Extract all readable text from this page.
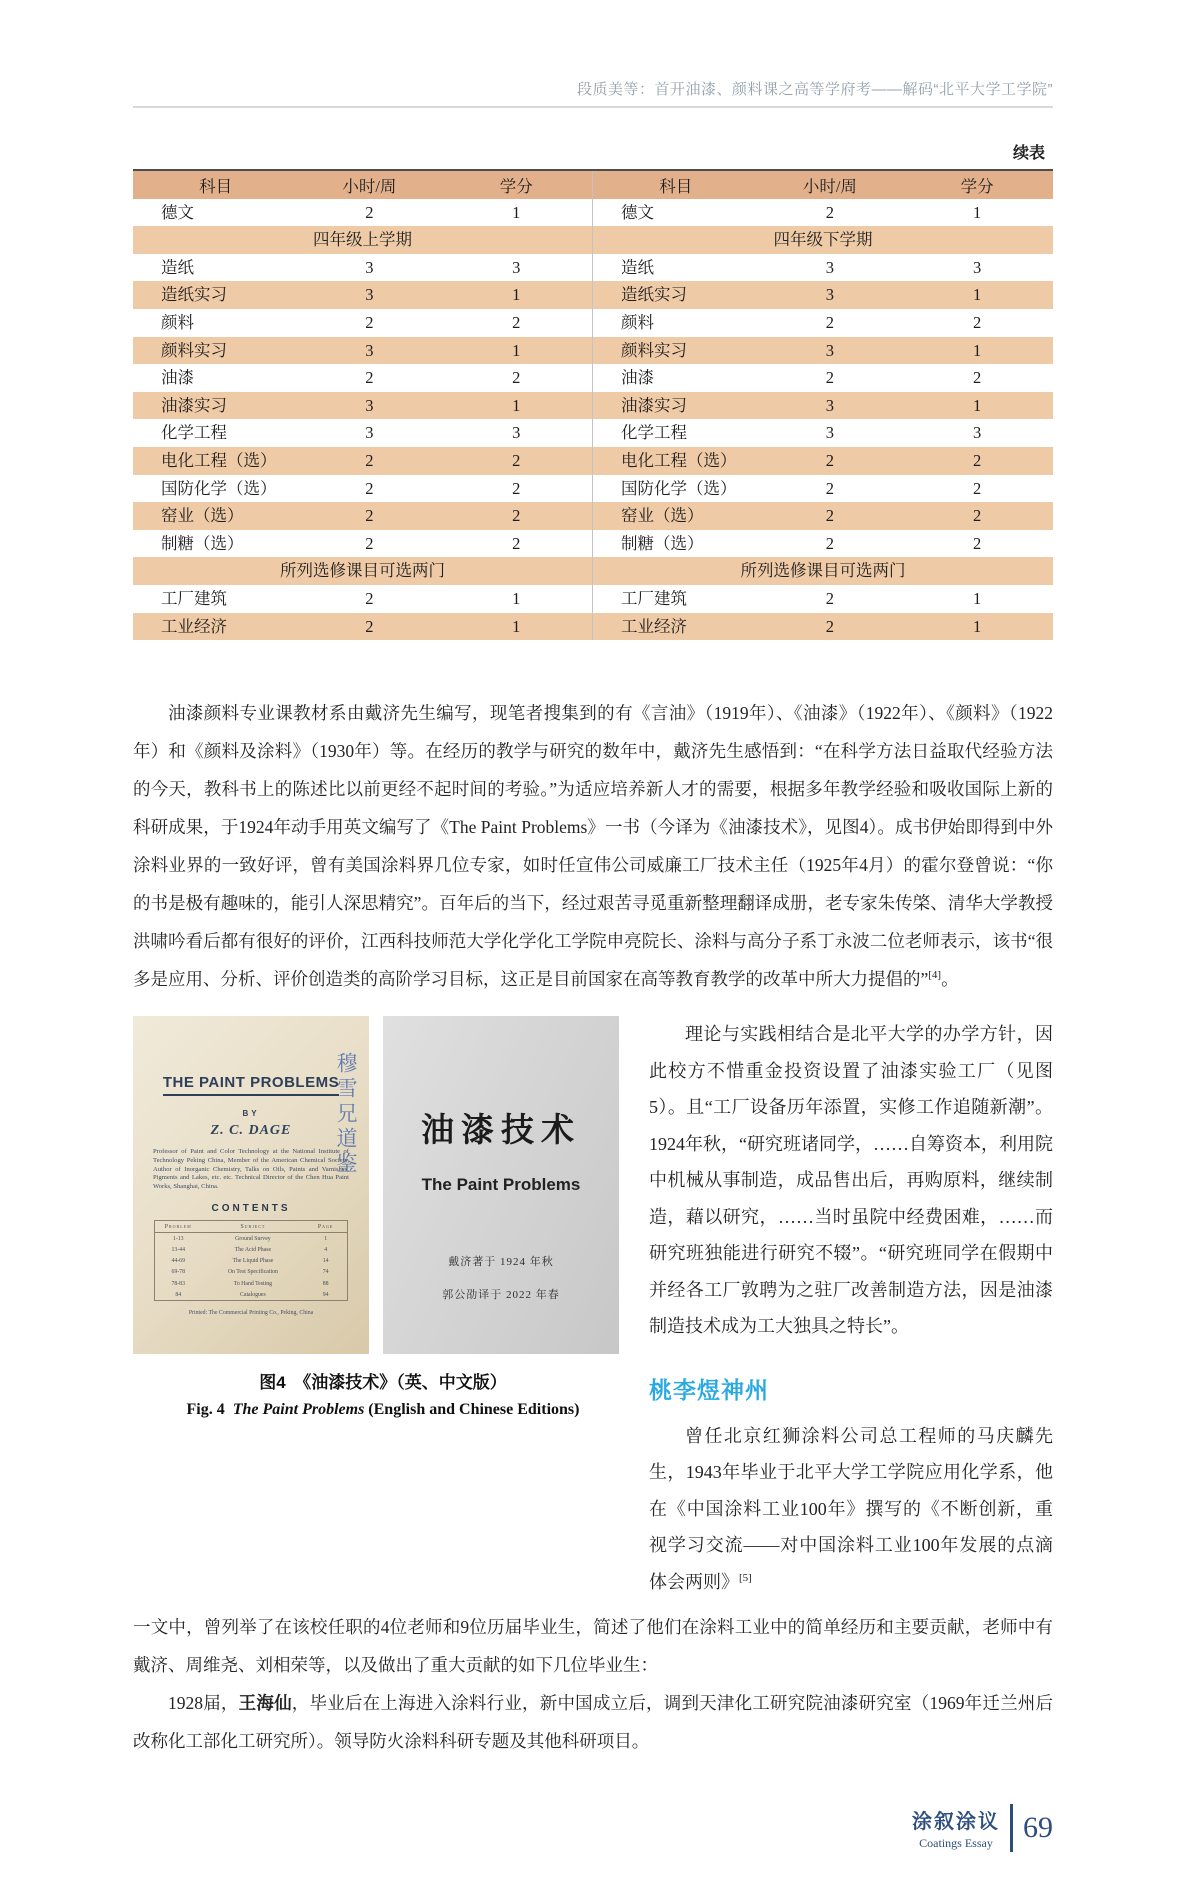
段质美等：首开油漆、颜料课之高等学府考——解码“北平大学工学院”
续表
科目	小时/周	学分	科目	小时/周	学分
德文	2	1	德文	2	1
四年级上学期	四年级下学期
造纸	3	3	造纸	3	3
造纸实习	3	1	造纸实习	3	1
颜料	2	2	颜料	2	2
颜料实习	3	1	颜料实习	3	1
油漆	2	2	油漆	2	2
油漆实习	3	1	油漆实习	3	1
化学工程	3	3	化学工程	3	3
电化工程（选）	2	2	电化工程（选）	2	2
国防化学（选）	2	2	国防化学（选）	2	2
窑业（选）	2	2	窑业（选）	2	2
制糖（选）	2	2	制糖（选）	2	2
所列选修课目可选两门	所列选修课目可选两门
工厂建筑	2	1	工厂建筑	2	1
工业经济	2	1	工业经济	2	1

油漆颜料专业课教材系由戴济先生编写，现笔者搜集到的有《言油》（1919年）、《油漆》（1922年）、《颜料》（1922年）和《颜料及涂料》（1930年）等。在经历的教学与研究的数年中，戴济先生感悟到：“在科学方法日益取代经验方法的今天，教科书上的陈述比以前更经不起时间的考验。”为适应培养新人才的需要，根据多年教学经验和吸收国际上新的科研成果，于1924年动手用英文编写了《The Paint Problems》一书（今译为《油漆技术》，见图4）。成书伊始即得到中外涂料业界的一致好评，曾有美国涂料界几位专家，如时任宣伟公司威廉工厂技术主任（1925年4月）的霍尔登曾说：“你的书是极有趣味的，能引人深思精究”。百年后的当下，经过艰苦寻觅重新整理翻译成册，老专家朱传棨、清华大学教授洪啸吟看后都有很好的评价，江西科技师范大学化学化工学院申亮院长、涂料与高分子系丁永波二位老师表示，该书“很多是应用、分析、评价创造类的高阶学习目标，这正是目前国家在高等教育教学的改革中所大力提倡的”[4]。

THE PAINT PROBLEMS
BY
Z. C. DAGE
Professor of Paint and Color Technology at the National Institute of Technology Peking China, Member of the American Chemical Society, Author of Inorganic Chemistry, Talks on Oils, Paints and Varnishes, Pigments and Lakes, etc. etc. Technical Director of the Chen Hua Paint Works, Shanghai, China.
CONTENTS
Problem	Subject	Page
1-13	Ground Survey	1
13-44	The Acid Phase	4
44-69	The Liquid Phase	14
69-78	On Test Specification	74
78-83	To Hand Testing	88
84	Catalogues	94
Printed: The Commercial Printing Co., Peking, China
穆雪兄道鉴	油漆技术
The Paint Problems
戴济著于 1924 年秋
郭公劭译于 2022 年春
图4　《油漆技术》（英、中文版）
Fig. 4 The Paint Problems (English and Chinese Editions)

理论与实践相结合是北平大学的办学方针，因此校方不惜重金投资设置了油漆实验工厂（见图5）。且“工厂设备历年添置，实修工作追随新潮”。1924年秋，“研究班诸同学，……自筹资本，利用院中机械从事制造，成品售出后，再购原料，继续制造，藉以研究，……当时虽院中经费困难，……而研究班独能进行研究不辍”。“研究班同学在假期中并经各工厂敦聘为之驻厂改善制造方法，因是油漆制造技术成为工大独具之特长”。

桃李煜神州

曾任北京红狮涂料公司总工程师的马庆麟先生，1943年毕业于北平大学工学院应用化学系，他在《中国涂料工业100年》撰写的《不断创新，重视学习交流——对中国涂料工业100年发展的点滴体会两则》[5]

一文中，曾列举了在该校任职的4位老师和9位历届毕业生，简述了他们在涂料工业中的简单经历和主要贡献，老师中有戴济、周维尧、刘相荣等，以及做出了重大贡献的如下几位毕业生：

1928届，王海仙，毕业后在上海进入涂料行业，新中国成立后，调到天津化工研究院油漆研究室（1969年迁兰州后改称化工部化工研究所）。领导防火涂料科研专题及其他科研项目。

涂叙涂议
Coatings Essay 69
